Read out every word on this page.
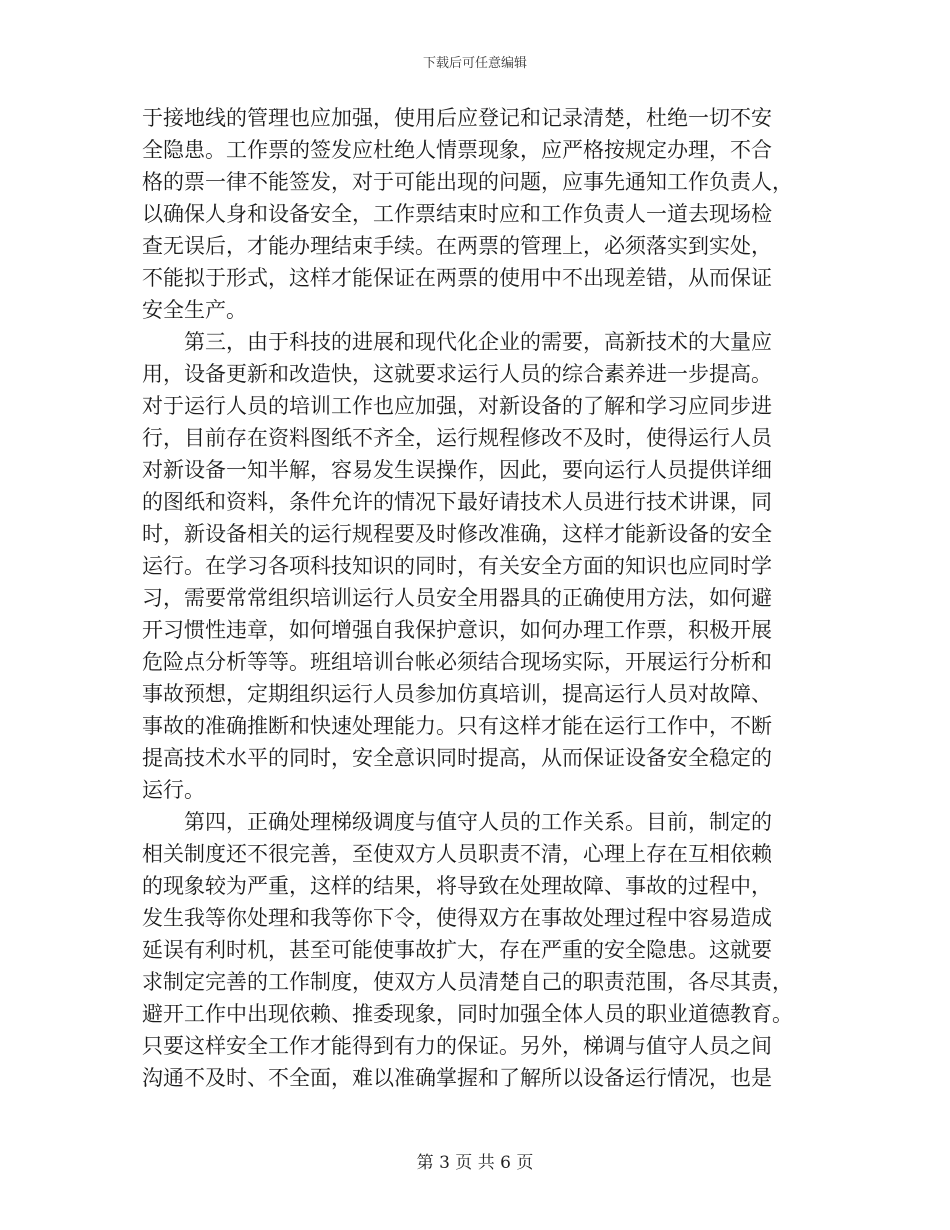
下载后可任意编辑
于接地线的管理也应加强，使用后应登记和记录清楚，杜绝一切不安
全隐患。工作票的签发应杜绝人情票现象，应严格按规定办理，不合
格的票一律不能签发，对于可能出现的问题，应事先通知工作负责人，
以确保人身和设备安全，工作票结束时应和工作负责人一道去现场检
查无误后，才能办理结束手续。在两票的管理上，必须落实到实处，
不能拟于形式，这样才能保证在两票的使用中不出现差错，从而保证
安全生产。
第三，由于科技的进展和现代化企业的需要，高新技术的大量应
用，设备更新和改造快，这就要求运行人员的综合素养进一步提高。
对于运行人员的培训工作也应加强，对新设备的了解和学习应同步进
行，目前存在资料图纸不齐全，运行规程修改不及时，使得运行人员
对新设备一知半解，容易发生误操作，因此，要向运行人员提供详细
的图纸和资料，条件允许的情况下最好请技术人员进行技术讲课，同
时，新设备相关的运行规程要及时修改准确，这样才能新设备的安全
运行。在学习各项科技知识的同时，有关安全方面的知识也应同时学
习，需要常常组织培训运行人员安全用器具的正确使用方法，如何避
开习惯性违章，如何增强自我保护意识，如何办理工作票，积极开展
危险点分析等等。班组培训台帐必须结合现场实际，开展运行分析和
事故预想，定期组织运行人员参加仿真培训，提高运行人员对故障、
事故的准确推断和快速处理能力。只有这样才能在运行工作中，不断
提高技术水平的同时，安全意识同时提高，从而保证设备安全稳定的
运行。
第四，正确处理梯级调度与值守人员的工作关系。目前，制定的
相关制度还不很完善，至使双方人员职责不清，心理上存在互相依赖
的现象较为严重，这样的结果，将导致在处理故障、事故的过程中，
发生我等你处理和我等你下令，使得双方在事故处理过程中容易造成
延误有利时机，甚至可能使事故扩大，存在严重的安全隐患。这就要
求制定完善的工作制度，使双方人员清楚自己的职责范围，各尽其责，
避开工作中出现依赖、推委现象，同时加强全体人员的职业道德教育。
只要这样安全工作才能得到有力的保证。另外，梯调与值守人员之间
沟通不及时、不全面，难以准确掌握和了解所以设备运行情况，也是
第 3 页 共 6 页
